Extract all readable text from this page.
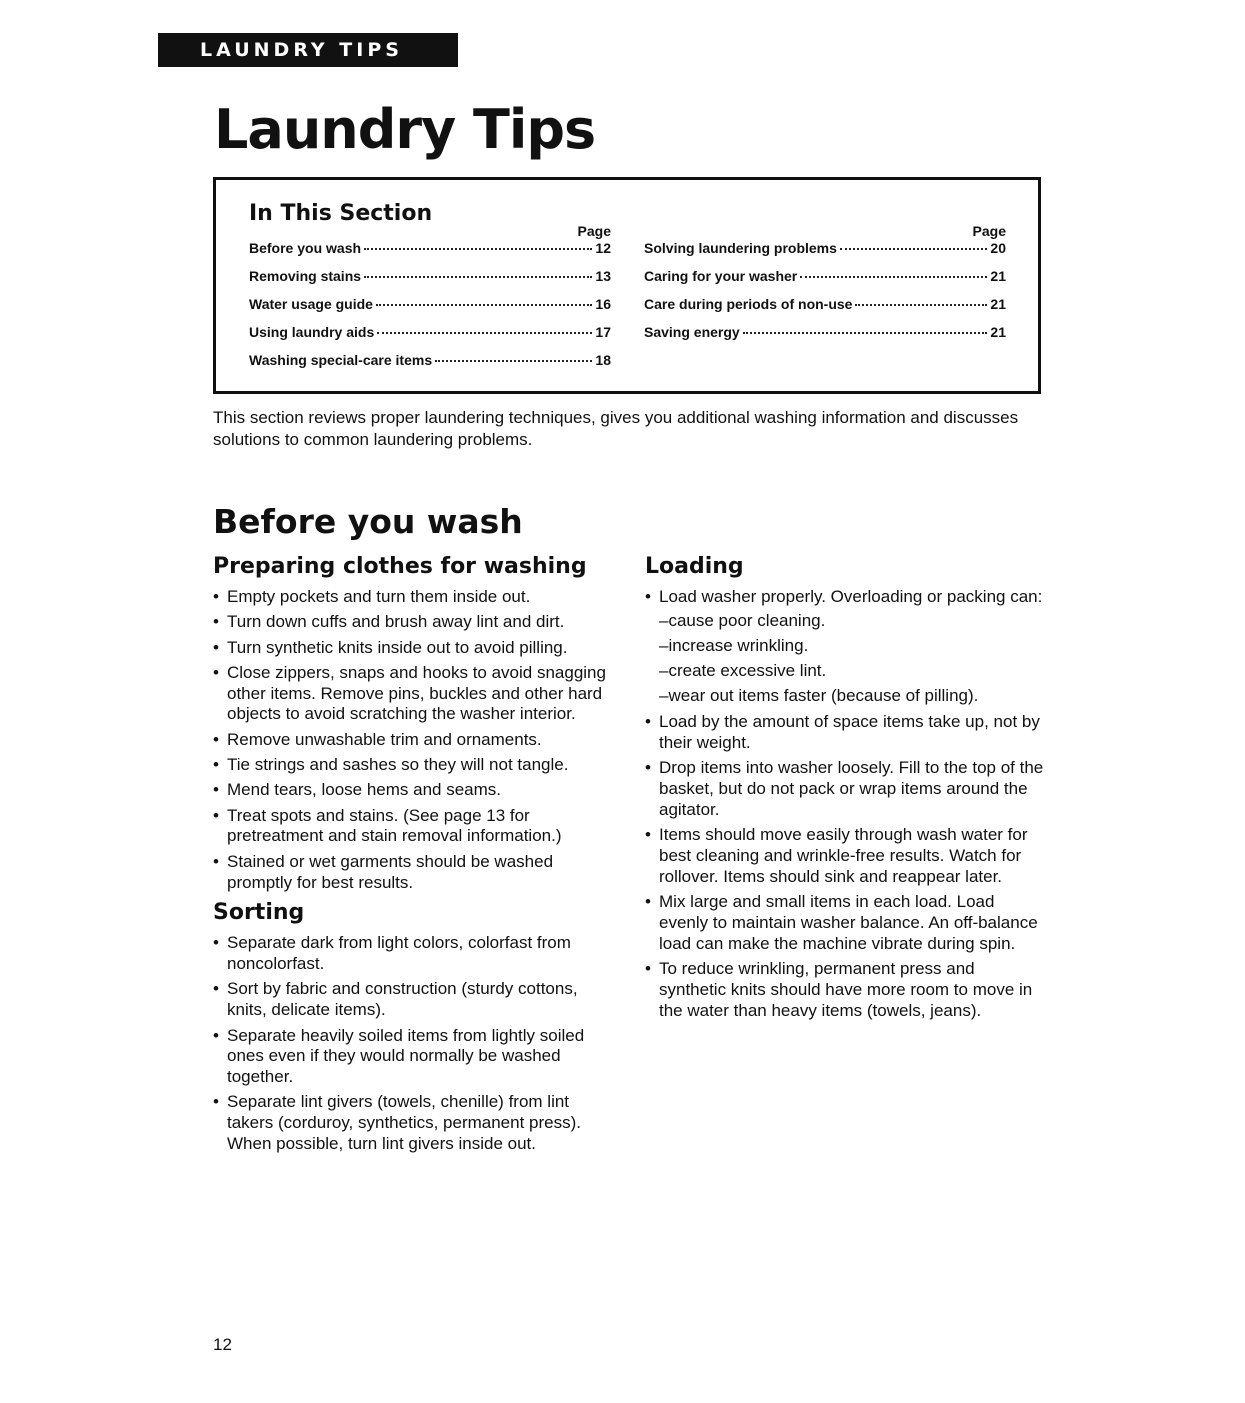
LAUNDRY TIPS
Laundry Tips
In This Section
Page
Before you wash	12
Removing stains	13
Water usage guide	16
Using laundry aids	17
Washing special-care items	18
Page
Solving laundering problems	20
Caring for your washer	21
Care during periods of non-use	21
Saving energy	21

This section reviews proper laundering techniques, gives you additional washing information and discusses solutions to common laundering problems.

Before you wash
Preparing clothes for washing
• Empty pockets and turn them inside out.
• Turn down cuffs and brush away lint and dirt.
• Turn synthetic knits inside out to avoid pilling.
• Close zippers, snaps and hooks to avoid snagging other items. Remove pins, buckles and other hard objects to avoid scratching the washer interior.
• Remove unwashable trim and ornaments.
• Tie strings and sashes so they will not tangle.
• Mend tears, loose hems and seams.
• Treat spots and stains. (See page 13 for pretreatment and stain removal information.)
• Stained or wet garments should be washed promptly for best results.
Sorting
• Separate dark from light colors, colorfast from noncolorfast.
• Sort by fabric and construction (sturdy cottons, knits, delicate items).
• Separate heavily soiled items from lightly soiled ones even if they would normally be washed together.
• Separate lint givers (towels, chenille) from lint takers (corduroy, synthetics, permanent press). When possible, turn lint givers inside out.
Loading
• Load washer properly. Overloading or packing can:
–cause poor cleaning.
–increase wrinkling.
–create excessive lint.
–wear out items faster (because of pilling).
• Load by the amount of space items take up, not by their weight.
• Drop items into washer loosely. Fill to the top of the basket, but do not pack or wrap items around the agitator.
• Items should move easily through wash water for best cleaning and wrinkle-free results. Watch for rollover. Items should sink and reappear later.
• Mix large and small items in each load. Load evenly to maintain washer balance. An off-balance load can make the machine vibrate during spin.
• To reduce wrinkling, permanent press and synthetic knits should have more room to move in the water than heavy items (towels, jeans).
12
